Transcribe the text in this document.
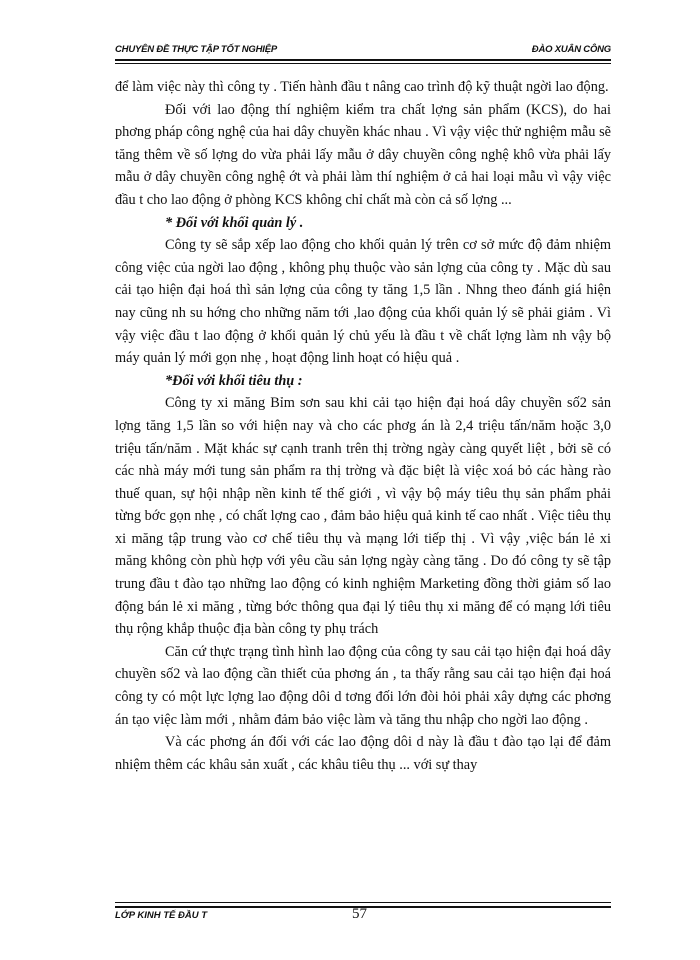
CHUYÊN ĐỀ THỰC TẬP TỐT NGHIỆP	ĐÀO XUÂN CÔNG

để làm việc này thì công ty . Tiến hành đầu t nâng cao trình độ kỹ thuật ngời lao động.

Đối với lao động thí nghiệm kiểm tra chất lợng sản phẩm (KCS), do hai phơng pháp công nghệ của hai dây chuyền khác nhau . Vì vậy việc thử nghiệm mẫu sẽ tăng thêm về số lợng do vừa phải lấy mẫu ở dây chuyền công nghệ khô vừa phải lấy mẫu ở dây chuyền công nghệ ớt và phải làm thí nghiệm ở cả hai loại mẫu vì vậy việc đầu t cho lao động ở phòng KCS không chỉ chất mà còn cả số lợng ...

* Đối với khối quản lý .

Công ty sẽ sắp xếp lao động cho khối quản lý trên cơ sở mức độ đảm nhiệm công việc của ngời lao động , không phụ thuộc vào sản lợng của công ty . Mặc dù sau cải tạo hiện đại hoá thì sản lợng của công ty tăng 1,5 lần . Nhng theo đánh giá hiện nay cũng nh su hớng cho những năm tới ,lao động của khối quản lý sẽ phải giảm . Vì vậy việc đầu t lao động ở khối quản lý chủ yếu là đầu t về chất lợng làm nh vậy bộ máy quản lý mới gọn nhẹ , hoạt động linh hoạt có hiệu quả .

*Đối với khối tiêu thụ :

Công ty xi măng Bỉm sơn sau khi cải tạo hiện đại hoá dây chuyền số2 sản lợng tăng 1,5 lần so với hiện nay và cho các phơg án là 2,4 triệu tấn/năm hoặc 3,0 triệu tấn/năm . Mặt khác sự cạnh tranh trên thị trờng ngày càng quyết liệt , bởi sẽ có các nhà máy mới tung sản phẩm ra thị trờng và đặc biệt là việc xoá bỏ các hàng rào thuế quan, sự hội nhập nền kinh tế thế giới , vì vậy bộ máy tiêu thụ sản phẩm phải từng bớc gọn nhẹ , có chất lợng cao , đảm bảo hiệu quả kinh tế cao nhất . Việc tiêu thụ xi măng tập trung vào cơ chế tiêu thụ và mạng lới tiếp thị . Vì vậy ,việc bán lẻ xi măng không còn phù hợp với yêu cầu sản lợng ngày càng tăng . Do đó công ty sẽ tập trung đầu t đào tạo những lao động có kinh nghiệm Marketing đồng thời giảm số lao động bán lẻ xi măng , từng bớc thông qua đại lý tiêu thụ xi măng để có mạng lới tiêu thụ rộng khắp thuộc địa bàn công ty phụ trách

Căn cứ thực trạng tình hình lao động của công ty sau cải tạo hiện đại hoá dây chuyền số2 và lao động cần thiết của phơng án , ta thấy rằng sau cải tạo hiện đại hoá công ty có một lực lợng lao động dôi d tơng đối lớn đòi hỏi phải xây dựng các phơng án tạo việc làm mới , nhằm đảm bảo việc làm và tăng thu nhập cho ngời lao động .

Và các phơng án đối với các lao động dôi d này là đầu t đào tạo lại để đảm nhiệm thêm các khâu sản xuất , các khâu tiêu thụ ... với sự thay

LỚP KINH TẾ ĐẦU T	57
